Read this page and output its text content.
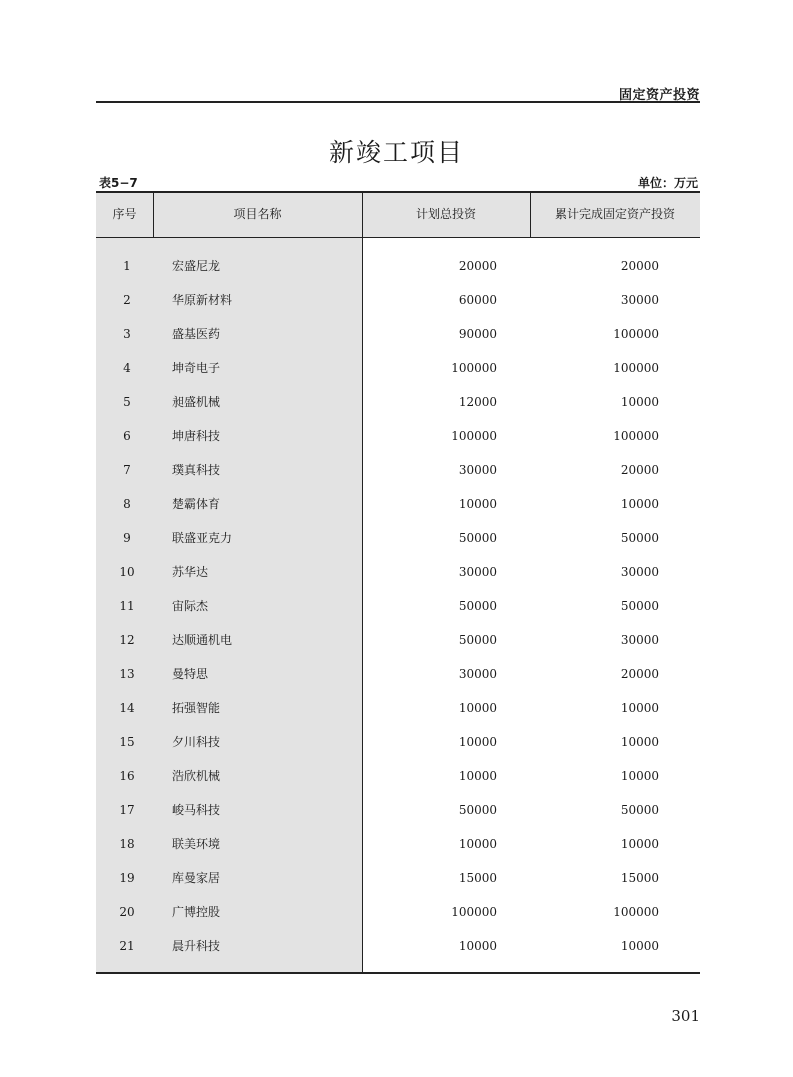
固定资产投资
新竣工项目
表5−7	单位：万元
序号	项目名称	计划总投资	累计完成固定资产投资
1	宏盛尼龙	20000	20000
2	华原新材料	60000	30000
3	盛基医药	90000	100000
4	坤奇电子	100000	100000
5	昶盛机械	12000	10000
6	坤唐科技	100000	100000
7	璞真科技	30000	20000
8	楚霸体育	10000	10000
9	联盛亚克力	50000	50000
10	苏华达	30000	30000
11	宙际杰	50000	50000
12	达顺通机电	50000	30000
13	曼特思	30000	20000
14	拓强智能	10000	10000
15	夕川科技	10000	10000
16	浩欣机械	10000	10000
17	峻马科技	50000	50000
18	联美环境	10000	10000
19	库曼家居	15000	15000
20	广博控股	100000	100000
21	晨升科技	10000	10000
301
